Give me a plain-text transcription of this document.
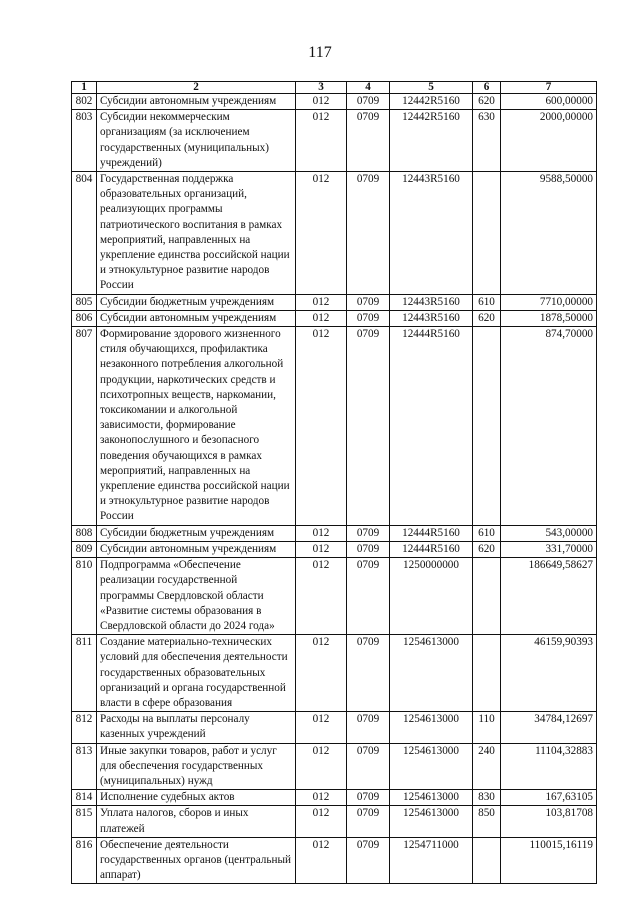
117
1	2	3	4	5	6	7
802	Субсидии автономным учреждениям	012	0709	12442R5160	620	600,00000
803	Субсидии некоммерческим организациям (за исключением государственных (муниципальных) учреждений)	012	0709	12442R5160	630	2000,00000
804	Государственная поддержка образовательных организаций, реализующих программы патриотического воспитания в рамках мероприятий, направленных на укрепление единства российской нации и этнокультурное развитие народов России	012	0709	12443R5160		9588,50000
805	Субсидии бюджетным учреждениям	012	0709	12443R5160	610	7710,00000
806	Субсидии автономным учреждениям	012	0709	12443R5160	620	1878,50000
807	Формирование здорового жизненного стиля обучающихся, профилактика незаконного потребления алкогольной продукции, наркотических средств и психотропных веществ, наркомании, токсикомании и алкогольной зависимости, формирование законопослушного и безопасного поведения обучающихся в рамках мероприятий, направленных на укрепление единства российской нации и этнокультурное развитие народов России	012	0709	12444R5160		874,70000
808	Субсидии бюджетным учреждениям	012	0709	12444R5160	610	543,00000
809	Субсидии автономным учреждениям	012	0709	12444R5160	620	331,70000
810	Подпрограмма «Обеспечение реализации государственной программы Свердловской области «Развитие системы образования в Свердловской области до 2024 года»	012	0709	1250000000		186649,58627
811	Создание материально-технических условий для обеспечения деятельности государственных образовательных организаций и органа государственной власти в сфере образования	012	0709	1254613000		46159,90393
812	Расходы на выплаты персоналу казенных учреждений	012	0709	1254613000	110	34784,12697
813	Иные закупки товаров, работ и услуг для обеспечения государственных (муниципальных) нужд	012	0709	1254613000	240	11104,32883
814	Исполнение судебных актов	012	0709	1254613000	830	167,63105
815	Уплата налогов, сборов и иных платежей	012	0709	1254613000	850	103,81708
816	Обеспечение деятельности государственных органов (центральный аппарат)	012	0709	1254711000		110015,16119
